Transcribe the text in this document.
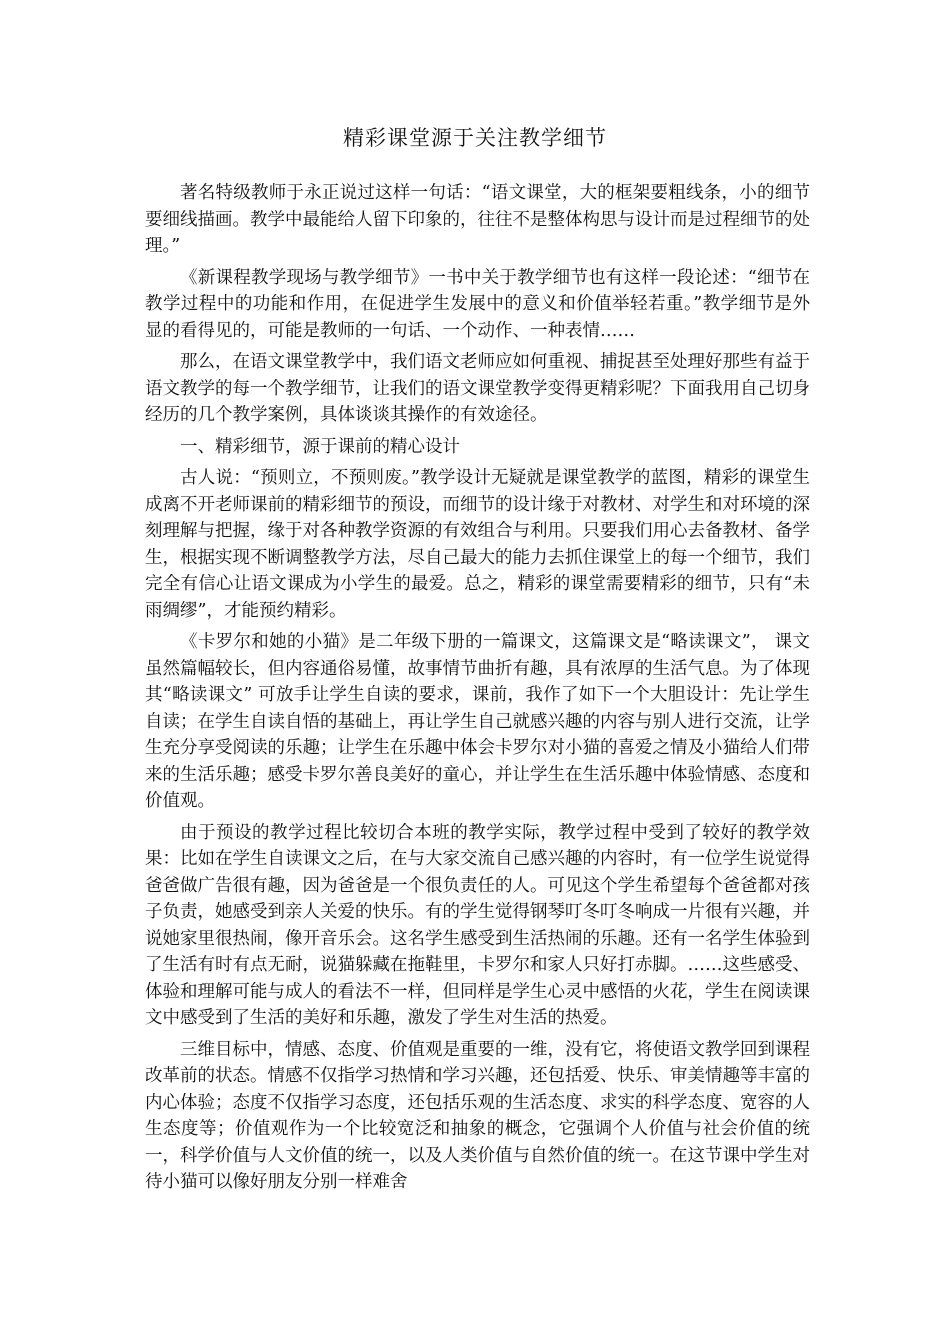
精彩课堂源于关注教学细节

著名特级教师于永正说过这样一句话：“语文课堂，大的框架要粗线条，小的细节要细线描画。教学中最能给人留下印象的，往往不是整体构思与设计而是过程细节的处理。”

《新课程教学现场与教学细节》一书中关于教学细节也有这样一段论述：“细节在教学过程中的功能和作用，在促进学生发展中的意义和价值举轻若重。”教学细节是外显的看得见的，可能是教师的一句话、一个动作、一种表情……

那么，在语文课堂教学中，我们语文老师应如何重视、捕捉甚至处理好那些有益于语文教学的每一个教学细节，让我们的语文课堂教学变得更精彩呢？下面我用自己切身经历的几个教学案例，具体谈谈其操作的有效途径。

一、精彩细节，源于课前的精心设计

古人说：“预则立，不预则废。”教学设计无疑就是课堂教学的蓝图，精彩的课堂生成离不开老师课前的精彩细节的预设，而细节的设计缘于对教材、对学生和对环境的深刻理解与把握，缘于对各种教学资源的有效组合与利用。只要我们用心去备教材、备学生，根据实现不断调整教学方法，尽自己最大的能力去抓住课堂上的每一个细节，我们完全有信心让语文课成为小学生的最爱。总之，精彩的课堂需要精彩的细节，只有“未雨绸缪”，才能预约精彩。

《卡罗尔和她的小猫》是二年级下册的一篇课文，这篇课文是“略读课文”， 课文虽然篇幅较长，但内容通俗易懂，故事情节曲折有趣，具有浓厚的生活气息。为了体现其“略读课文” 可放手让学生自读的要求，课前，我作了如下一个大胆设计：先让学生自读；在学生自读自悟的基础上，再让学生自己就感兴趣的内容与别人进行交流，让学生充分享受阅读的乐趣；让学生在乐趣中体会卡罗尔对小猫的喜爱之情及小猫给人们带来的生活乐趣；感受卡罗尔善良美好的童心，并让学生在生活乐趣中体验情感、态度和价值观。

由于预设的教学过程比较切合本班的教学实际，教学过程中受到了较好的教学效果：比如在学生自读课文之后，在与大家交流自己感兴趣的内容时，有一位学生说觉得爸爸做广告很有趣，因为爸爸是一个很负责任的人。可见这个学生希望每个爸爸都对孩子负责，她感受到亲人关爱的快乐。有的学生觉得钢琴叮冬叮冬响成一片很有兴趣，并说她家里很热闹，像开音乐会。这名学生感受到生活热闹的乐趣。还有一名学生体验到了生活有时有点无耐，说猫躲藏在拖鞋里，卡罗尔和家人只好打赤脚。……这些感受、体验和理解可能与成人的看法不一样，但同样是学生心灵中感悟的火花，学生在阅读课文中感受到了生活的美好和乐趣，激发了学生对生活的热爱。

三维目标中，情感、态度、价值观是重要的一维，没有它，将使语文教学回到课程改革前的状态。情感不仅指学习热情和学习兴趣，还包括爱、快乐、审美情趣等丰富的内心体验；态度不仅指学习态度，还包括乐观的生活态度、求实的科学态度、宽容的人生态度等；价值观作为一个比较宽泛和抽象的概念，它强调个人价值与社会价值的统一，科学价值与人文价值的统一，以及人类价值与自然价值的统一。在这节课中学生对待小猫可以像好朋友分别一样难舍
